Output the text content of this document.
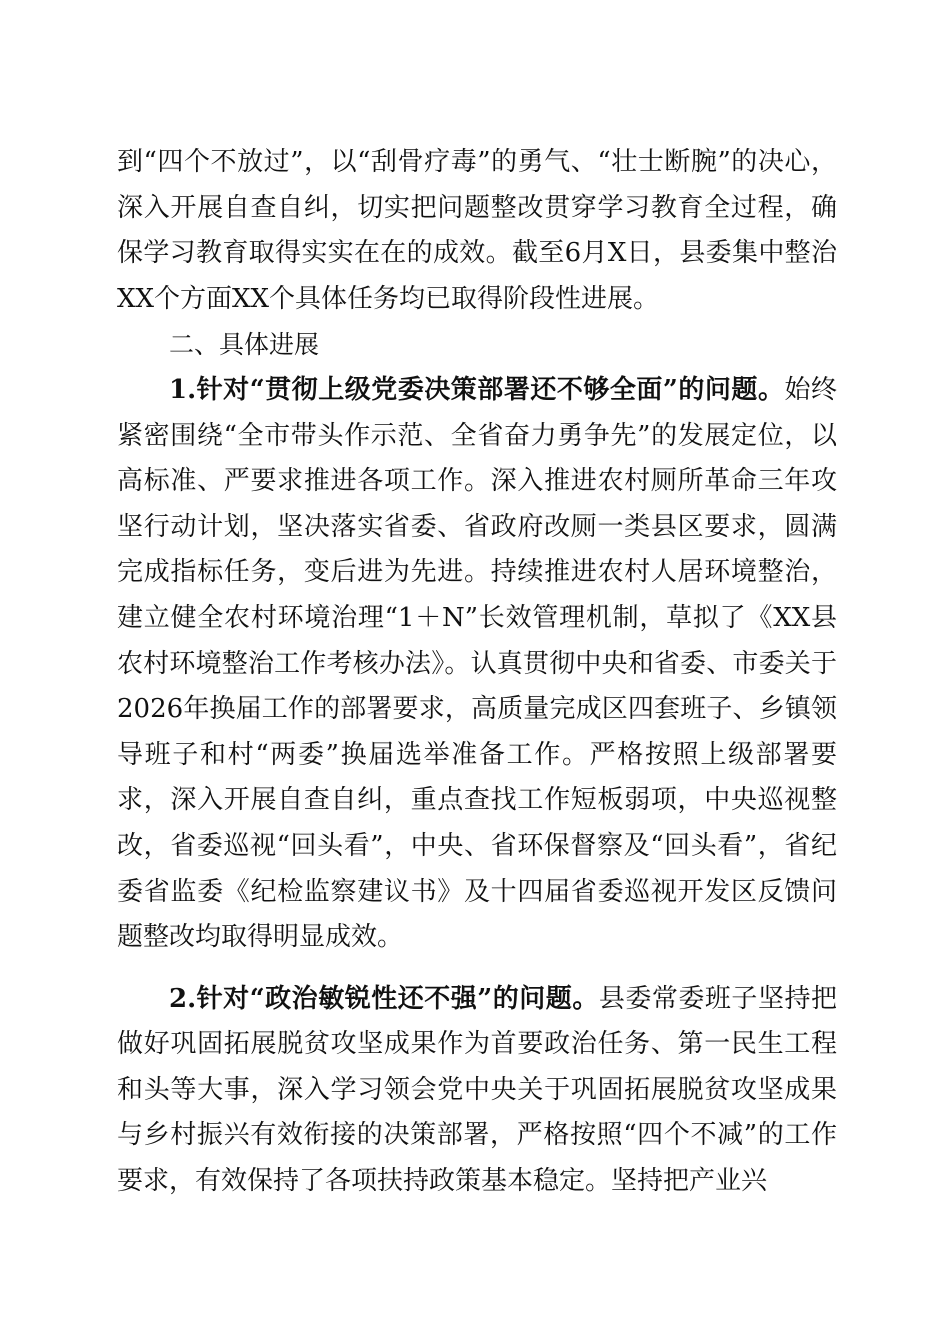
到“四个不放过”，以“刮骨疗毒”的勇气、“壮士断腕”的决心，深入开展自查自纠，切实把问题整改贯穿学习教育全过程，确保学习教育取得实实在在的成效。截至6月X日，县委集中整治XX个方面XX个具体任务均已取得阶段性进展。

二、具体进展

1.针对“贯彻上级党委决策部署还不够全面”的问题。始终紧密围绕“全市带头作示范、全省奋力勇争先”的发展定位，以高标准、严要求推进各项工作。深入推进农村厕所革命三年攻坚行动计划，坚决落实省委、省政府改厕一类县区要求，圆满完成指标任务，变后进为先进。持续推进农村人居环境整治，建立健全农村环境治理“1＋N”长效管理机制，草拟了《XX县农村环境整治工作考核办法》。认真贯彻中央和省委、市委关于2026年换届工作的部署要求，高质量完成区四套班子、乡镇领导班子和村“两委”换届选举准备工作。严格按照上级部署要求，深入开展自查自纠，重点查找工作短板弱项，中央巡视整改，省委巡视“回头看”，中央、省环保督察及“回头看”，省纪委省监委《纪检监察建议书》及十四届省委巡视开发区反馈问题整改均取得明显成效。

2.针对“政治敏锐性还不强”的问题。县委常委班子坚持把做好巩固拓展脱贫攻坚成果作为首要政治任务、第一民生工程和头等大事，深入学习领会党中央关于巩固拓展脱贫攻坚成果与乡村振兴有效衔接的决策部署，严格按照“四个不减”的工作要求，有效保持了各项扶持政策基本稳定。坚持把产业兴
